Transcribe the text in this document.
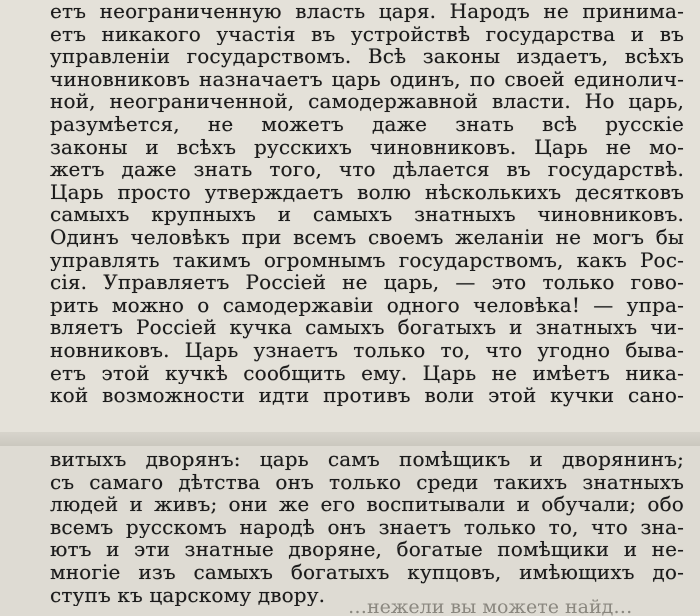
етъ неограниченную власть царя. Народъ не принима-
етъ никакого участія въ устройствѣ государства и въ
управленіи государствомъ. Всѣ законы издаетъ, всѣхъ
чиновниковъ назначаетъ царь одинъ, по своей единолич-
ной, неограниченной, самодержавной власти. Но царь,
разумѣется, не можетъ даже знать всѣ русскіе
законы и всѣхъ русскихъ чиновниковъ. Царь не мо-
жетъ даже знать того, что дѣлается въ государствѣ.
Царь просто утверждаетъ волю нѣсколькихъ десятковъ
самыхъ крупныхъ и самыхъ знатныхъ чиновниковъ.
Одинъ человѣкъ при всемъ своемъ желаніи не могъ бы
управлять такимъ огромнымъ государствомъ, какъ Рос-
сія. Управляетъ Россіей не царь, — это только гово-
рить можно о самодержавіи одного человѣка! — упра-
вляетъ Россіей кучка самыхъ богатыхъ и знатныхъ чи-
новниковъ. Царь узнаетъ только то, что угодно быва-
етъ этой кучкѣ сообщить ему. Царь не имѣетъ ника-
кой возможности идти противъ воли этой кучки сано-
витыхъ дворянъ: царь самъ помѣщикъ и дворянинъ;
съ самаго дѣтства онъ только среди такихъ знатныхъ
людей и живъ; они же его воспитывали и обучали; обо
всемъ русскомъ народѣ онъ знаетъ только то, что зна-
ютъ и эти знатные дворяне, богатые помѣщики и не-
многіе изъ самыхъ богатыхъ купцовъ, имѣющихъ до-
ступъ къ царскому двору.
…нежели вы можете найд…
